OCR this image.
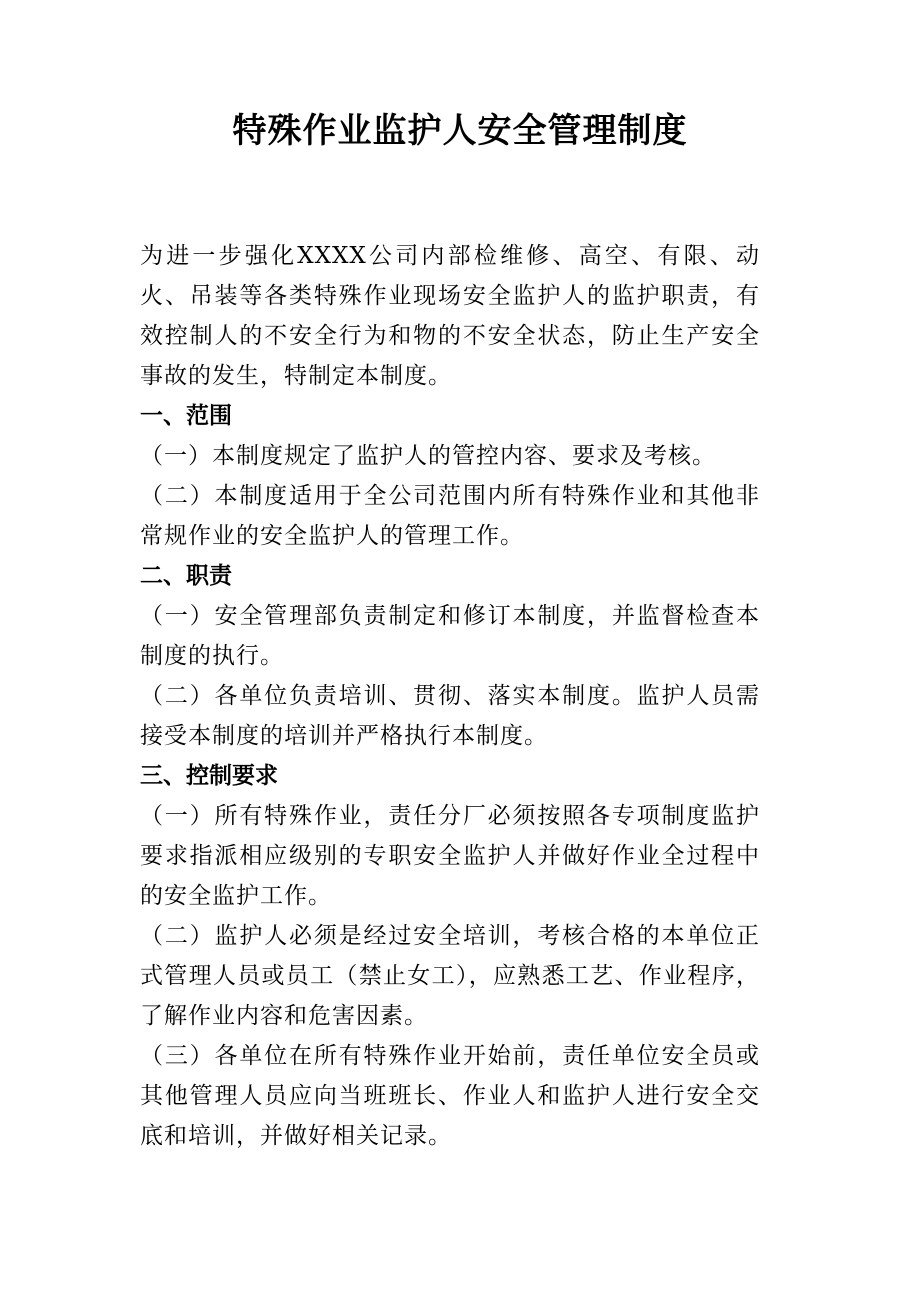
特殊作业监护人安全管理制度

为进一步强化XXXX公司内部检维修、高空、有限、动火、吊装等各类特殊作业现场安全监护人的监护职责，有效控制人的不安全行为和物的不安全状态，防止生产安全事故的发生，特制定本制度。

一、范围

（一）本制度规定了监护人的管控内容、要求及考核。

（二）本制度适用于全公司范围内所有特殊作业和其他非常规作业的安全监护人的管理工作。

二、职责

（一）安全管理部负责制定和修订本制度，并监督检查本制度的执行。

（二）各单位负责培训、贯彻、落实本制度。监护人员需接受本制度的培训并严格执行本制度。

三、控制要求

（一）所有特殊作业，责任分厂必须按照各专项制度监护要求指派相应级别的专职安全监护人并做好作业全过程中的安全监护工作。

（二）监护人必须是经过安全培训，考核合格的本单位正式管理人员或员工（禁止女工），应熟悉工艺、作业程序，了解作业内容和危害因素。

（三）各单位在所有特殊作业开始前，责任单位安全员或其他管理人员应向当班班长、作业人和监护人进行安全交底和培训，并做好相关记录。
